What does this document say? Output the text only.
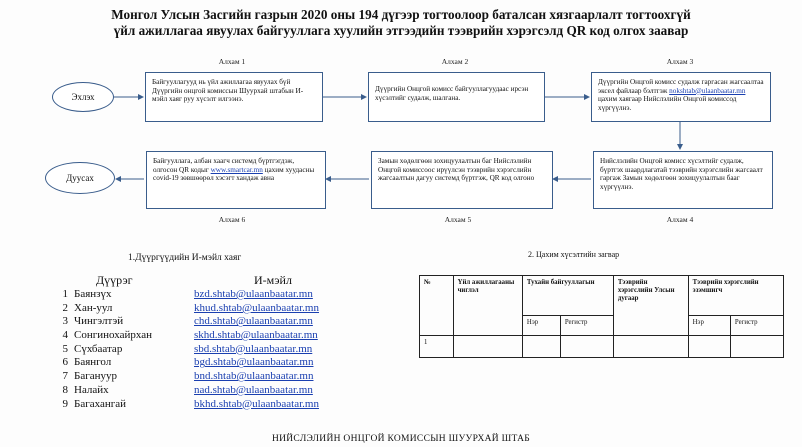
Монгол Улсын Засгийн газрын 2020 оны 194 дүгээр тогтоолоор баталсан хязгаарлалт тогтоохгүй
үйл ажиллагаа явуулах байгууллага хуулийн этгээдийн тээврийн хэрэгсэлд QR код олгох заавар
Алхам 1	Алхам 2	Алхам 3
Алхам 4
Алхам 5
Алхам 6
Эхлэх
Дуусах
Байгууллагууд нь үйл ажиллагаа явуулах бүй Дүүргийн онцгой комиссын Шуурхай штабын И-мэйл хаяг руу хүсэлт илгээнэ.
Дүүргийн Онцгой комисс байгууллагуудаас ирсэн хүсэлтийг судалж, шалгана.
Дүүргийн Онцгой комисс судалж гаргасан жагсаалтаа эксел файлаар бэлтгэж nokshtab@ulaanbaatar.mn цахим хаягаар Нийслэлийн Онцгой комиссод хүргүүлнэ.
Нийслэлийн Онцгой комисс хүсэлтийг судалж, бүртгэх шаардлагатай тээврийн хэрэгслийн жагсаалт гаргаж Замын хөдөлгөөн зохицуулалтын бааг хүргүүлнэ.
Замын хөдөлгөөн зохицуулалтын баг Нийслэлийн Онцгой комиссоос ирүүлсэн тээврийн хэрэгслийн жагсаалтын дагуу системд бүртгэж, QR код олгоно
Байгууллага, албан хаагч системд бүртгэгдэж, олгосон QR кодыг www.smartcar.mn цахим хуудасны covid-19 зөвшөөрөл хэсэгт хандаж авна
1.Дүүргүүдийн И-мэйл хаяг
Дүүрэг	И-мэйл
1 Баянзүх	bzd.shtab@ulaanbaatar.mn
2 Хан-уул	khud.shtab@ulaanbaatar.mn
3 Чингэлтэй	chd.shtab@ulaanbaatar.mn
4 Сонгинохайрхан	skhd.shtab@ulaanbaatar.mn
5 Сүхбаатар	sbd.shtab@ulaanbaatar.mn
6 Баянгол	bgd.shtab@ulaanbaatar.mn
7 Багануур	bnd.shtab@ulaanbaatar.mn
8 Налайх	nad.shtab@ulaanbaatar.mn
9 Багахангай	bkhd.shtab@ulaanbaatar.mn
2. Цахим хүсэлтийн загвар
№	Үйл ажиллагааны чиглэл	Тухайн байгууллагын		Тээврийн хэрэгслийн Улсын дугаар	Тээврийн хэрэгслийн эзэмшигч	
		Нэр	Регистр		Нэр	Регистр
1						
НИЙСЛЭЛИЙН ОНЦГОЙ КОМИССЫН ШУУРХАЙ ШТАБ
